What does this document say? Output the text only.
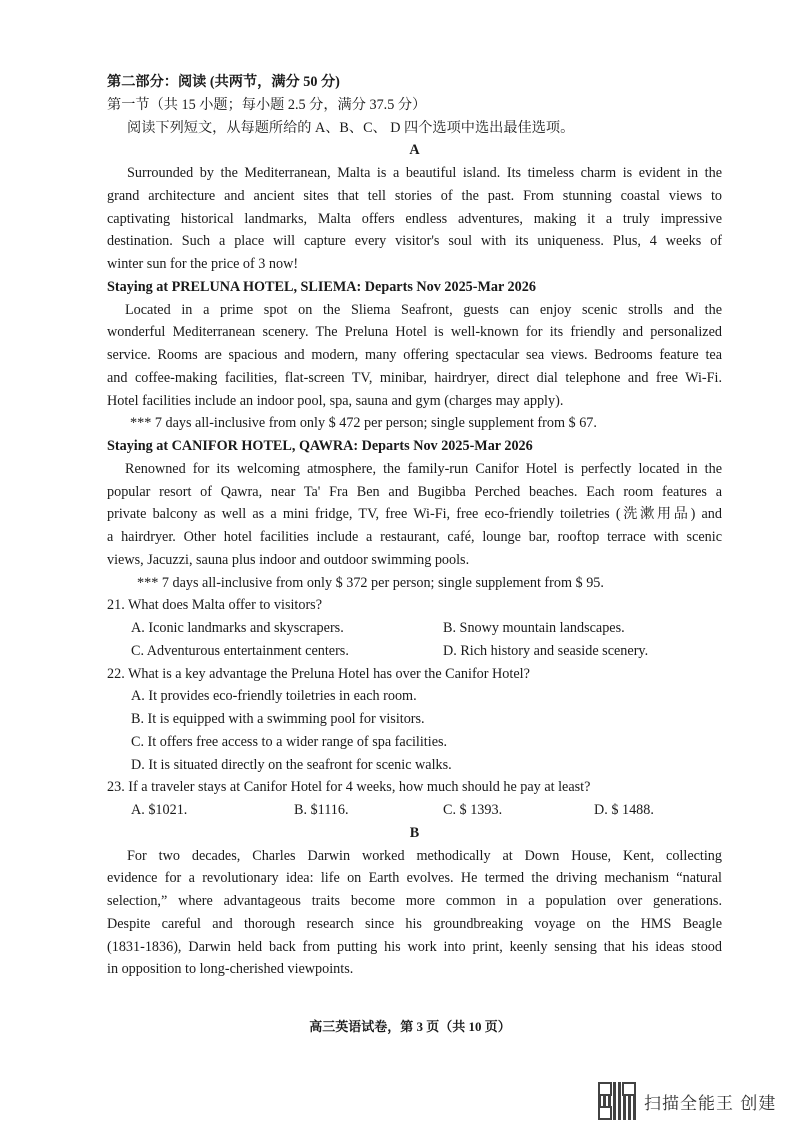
第二部分：阅读 (共两节，满分 50 分)
第一节（共 15 小题；每小题 2.5 分，满分 37.5 分）
阅读下列短文，从每题所给的 A、B、C、 D 四个选项中选出最佳选项。
A
Surrounded by the Mediterranean, Malta is a beautiful island. Its timeless charm is evident in the
grand architecture and ancient sites that tell stories of the past. From stunning coastal views to
captivating historical landmarks, Malta offers endless adventures, making it a truly impressive
destination. Such a place will capture every visitor's soul with its uniqueness. Plus, 4 weeks of
winter sun for the price of 3 now!
Staying at PRELUNA HOTEL, SLIEMA: Departs Nov 2025-Mar 2026
Located in a prime spot on the Sliema Seafront, guests can enjoy scenic strolls and the
wonderful Mediterranean scenery. The Preluna Hotel is well-known for its friendly and personalized
service. Rooms are spacious and modern, many offering spectacular sea views. Bedrooms feature tea
and coffee-making facilities, flat-screen TV, minibar, hairdryer, direct dial telephone and free Wi-Fi.
Hotel facilities include an indoor pool, spa, sauna and gym (charges may apply).
*** 7 days all-inclusive from only $ 472 per person; single supplement from $ 67.
Staying at CANIFOR HOTEL, QAWRA: Departs Nov 2025-Mar 2026
Renowned for its welcoming atmosphere, the family-run Canifor Hotel is perfectly located in the
popular resort of Qawra, near Ta' Fra Ben and Bugibba Perched beaches. Each room features a
private balcony as well as a mini fridge, TV, free Wi-Fi, free eco-friendly toiletries (洗漱用品) and
a hairdryer. Other hotel facilities include a restaurant, café, lounge bar, rooftop terrace with scenic
views, Jacuzzi, sauna plus indoor and outdoor swimming pools.
*** 7 days all-inclusive from only $ 372 per person; single supplement from $ 95.
21. What does Malta offer to visitors?
A. Iconic landmarks and skyscrapers.	B. Snowy mountain landscapes.
C. Adventurous entertainment centers.	D. Rich history and seaside scenery.
22. What is a key advantage the Preluna Hotel has over the Canifor Hotel?
A. It provides eco-friendly toiletries in each room.
B. It is equipped with a swimming pool for visitors.
C. It offers free access to a wider range of spa facilities.
D. It is situated directly on the seafront for scenic walks.
23. If a traveler stays at Canifor Hotel for 4 weeks, how much should he pay at least?
A. $1021.	B. $1116.	C. $ 1393.	D. $ 1488.
B
For two decades, Charles Darwin worked methodically at Down House, Kent, collecting
evidence for a revolutionary idea: life on Earth evolves. He termed the driving mechanism “natural
selection,” where advantageous traits become more common in a population over generations.
Despite careful and thorough research since his groundbreaking voyage on the HMS Beagle
(1831-1836), Darwin held back from putting his work into print, keenly sensing that his ideas stood
in opposition to long-cherished viewpoints.
高三英语试卷，第 3 页（共 10 页）
扫描全能王 创建
